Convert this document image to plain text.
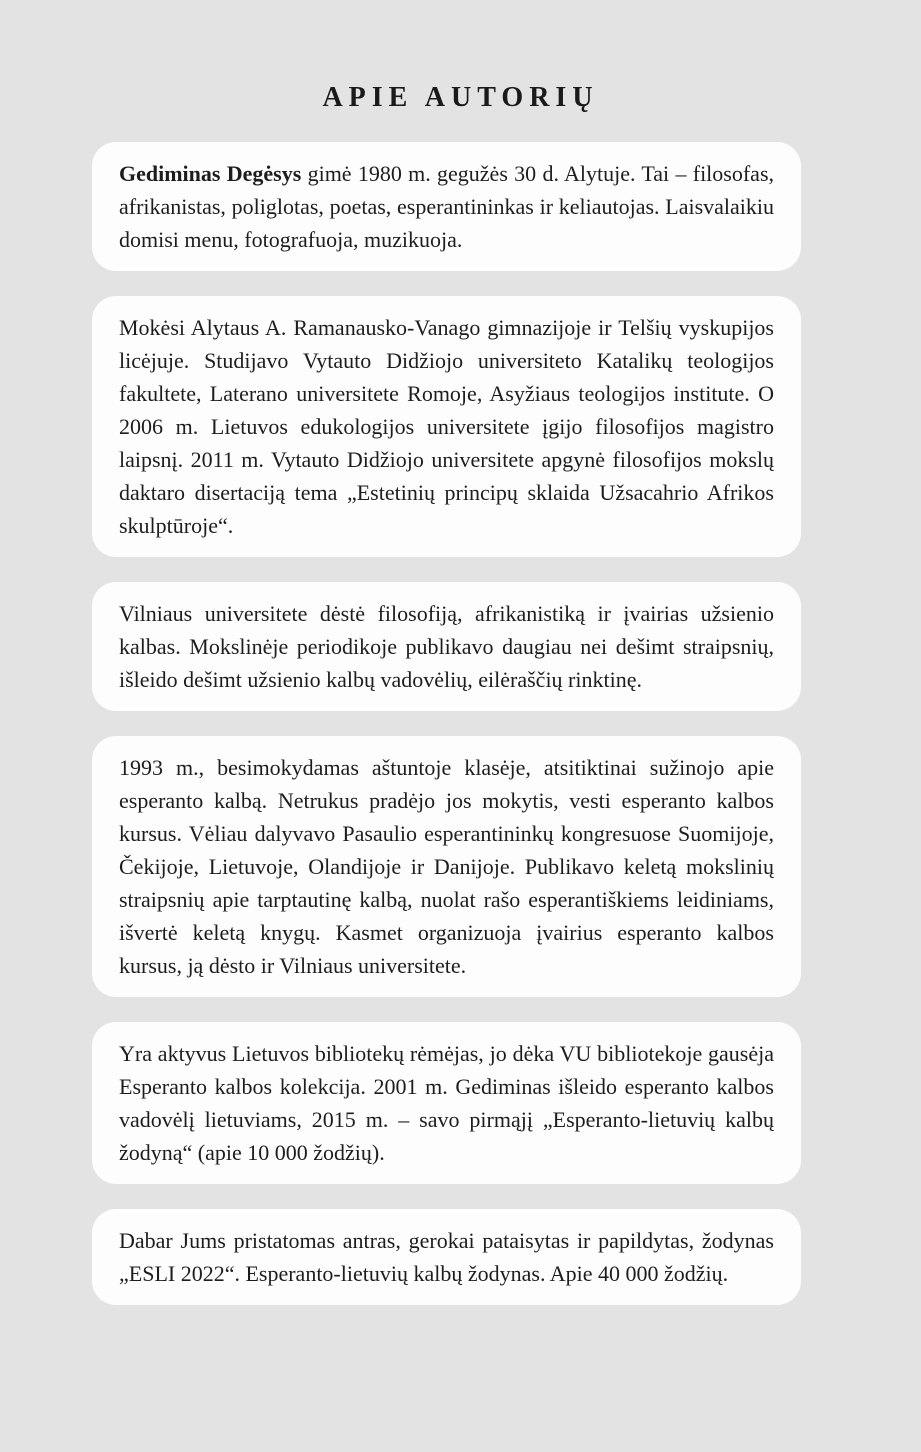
APIE AUTORIŲ
Gediminas Degėsys gimė 1980 m. gegužės 30 d. Alytuje. Tai – filosofas, afrikanistas, poliglotas, poetas, esperantininkas ir keliautojas. Laisvalaikiu domisi menu, fotografuoja, muzikuoja.
Mokėsi Alytaus A. Ramanausko-Vanago gimnazijoje ir Telšių vyskupijos licėjuje. Studijavo Vytauto Didžiojo universiteto Katalikų teologijos fakultete, Laterano universitete Romoje, Asyžiaus teologijos institute. O 2006 m. Lietuvos edukologijos universitete įgijo filosofijos magistro laipsnį. 2011 m. Vytauto Didžiojo universitete apgynė filosofijos mokslų daktaro disertaciją tema „Estetinių principų sklaida Užsacahrio Afrikos skulptūroje“.
Vilniaus universitete dėstė filosofiją, afrikanistiką ir įvairias užsienio kalbas. Mokslinėje periodikoje publikavo daugiau nei dešimt straipsnių, išleido dešimt užsienio kalbų vadovėlių, eilėraščių rinktinę.
1993 m., besimokydamas aštuntoje klasėje, atsitiktinai sužinojo apie esperanto kalbą. Netrukus pradėjo jos mokytis, vesti esperanto kalbos kursus. Vėliau dalyvavo Pasaulio esperantininkų kongresuose Suomijoje, Čekijoje, Lietuvoje, Olandijoje ir Danijoje. Publikavo keletą mokslinių straipsnių apie tarptautinę kalbą, nuolat rašo esperantiškiems leidiniams, išvertė keletą knygų. Kasmet organizuoja įvairius esperanto kalbos kursus, ją dėsto ir Vilniaus universitete.
Yra aktyvus Lietuvos bibliotekų rėmėjas, jo dėka VU bibliotekoje gausėja Esperanto kalbos kolekcija. 2001 m. Gediminas išleido esperanto kalbos vadovėlį lietuviams, 2015 m. – savo pirmąjį „Esperanto-lietuvių kalbų žodyną“ (apie 10 000 žodžių).
Dabar Jums pristatomas antras, gerokai pataisytas ir papildytas, žodynas „ESLI 2022“. Esperanto-lietuvių kalbų žodynas. Apie 40 000 žodžių.
